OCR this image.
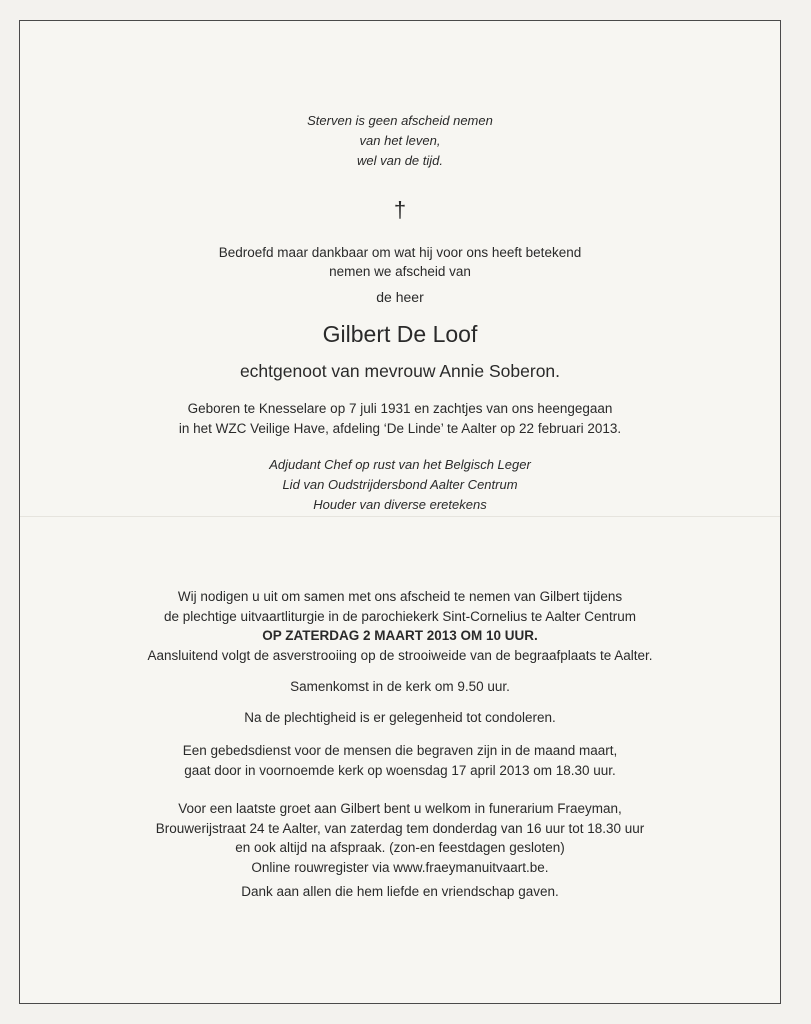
Sterven is geen afscheid nemen
van het leven,
wel van de tijd.
†
Bedroefd maar dankbaar om wat hij voor ons heeft betekend
nemen we afscheid van
de heer
Gilbert De Loof
echtgenoot van mevrouw Annie Soberon.
Geboren te Knesselare op 7 juli 1931 en zachtjes van ons heengegaan
in het WZC Veilige Have, afdeling ‘De Linde’ te Aalter op 22 februari 2013.
Adjudant Chef op rust van het Belgisch Leger
Lid van Oudstrijdersbond Aalter Centrum
Houder van diverse eretekens
Wij nodigen u uit om samen met ons afscheid te nemen van Gilbert tijdens
de plechtige uitvaartliturgie in de parochiekerk Sint-Cornelius te Aalter Centrum
OP ZATERDAG 2 MAART 2013 OM 10 UUR.
Aansluitend volgt de asverstrooiing op de strooiweide van de begraafplaats te Aalter.
Samenkomst in de kerk om 9.50 uur.
Na de plechtigheid is er gelegenheid tot condoleren.
Een gebedsdienst voor de mensen die begraven zijn in de maand maart,
gaat door in voornoemde kerk op woensdag 17 april 2013 om 18.30 uur.
Voor een laatste groet aan Gilbert bent u welkom in funerarium Fraeyman,
Brouwerijstraat 24 te Aalter, van zaterdag tem donderdag van 16 uur tot 18.30 uur
en ook altijd na afspraak. (zon-en feestdagen gesloten)
Online rouwregister via www.fraeymanuitvaart.be.
Dank aan allen die hem liefde en vriendschap gaven.
